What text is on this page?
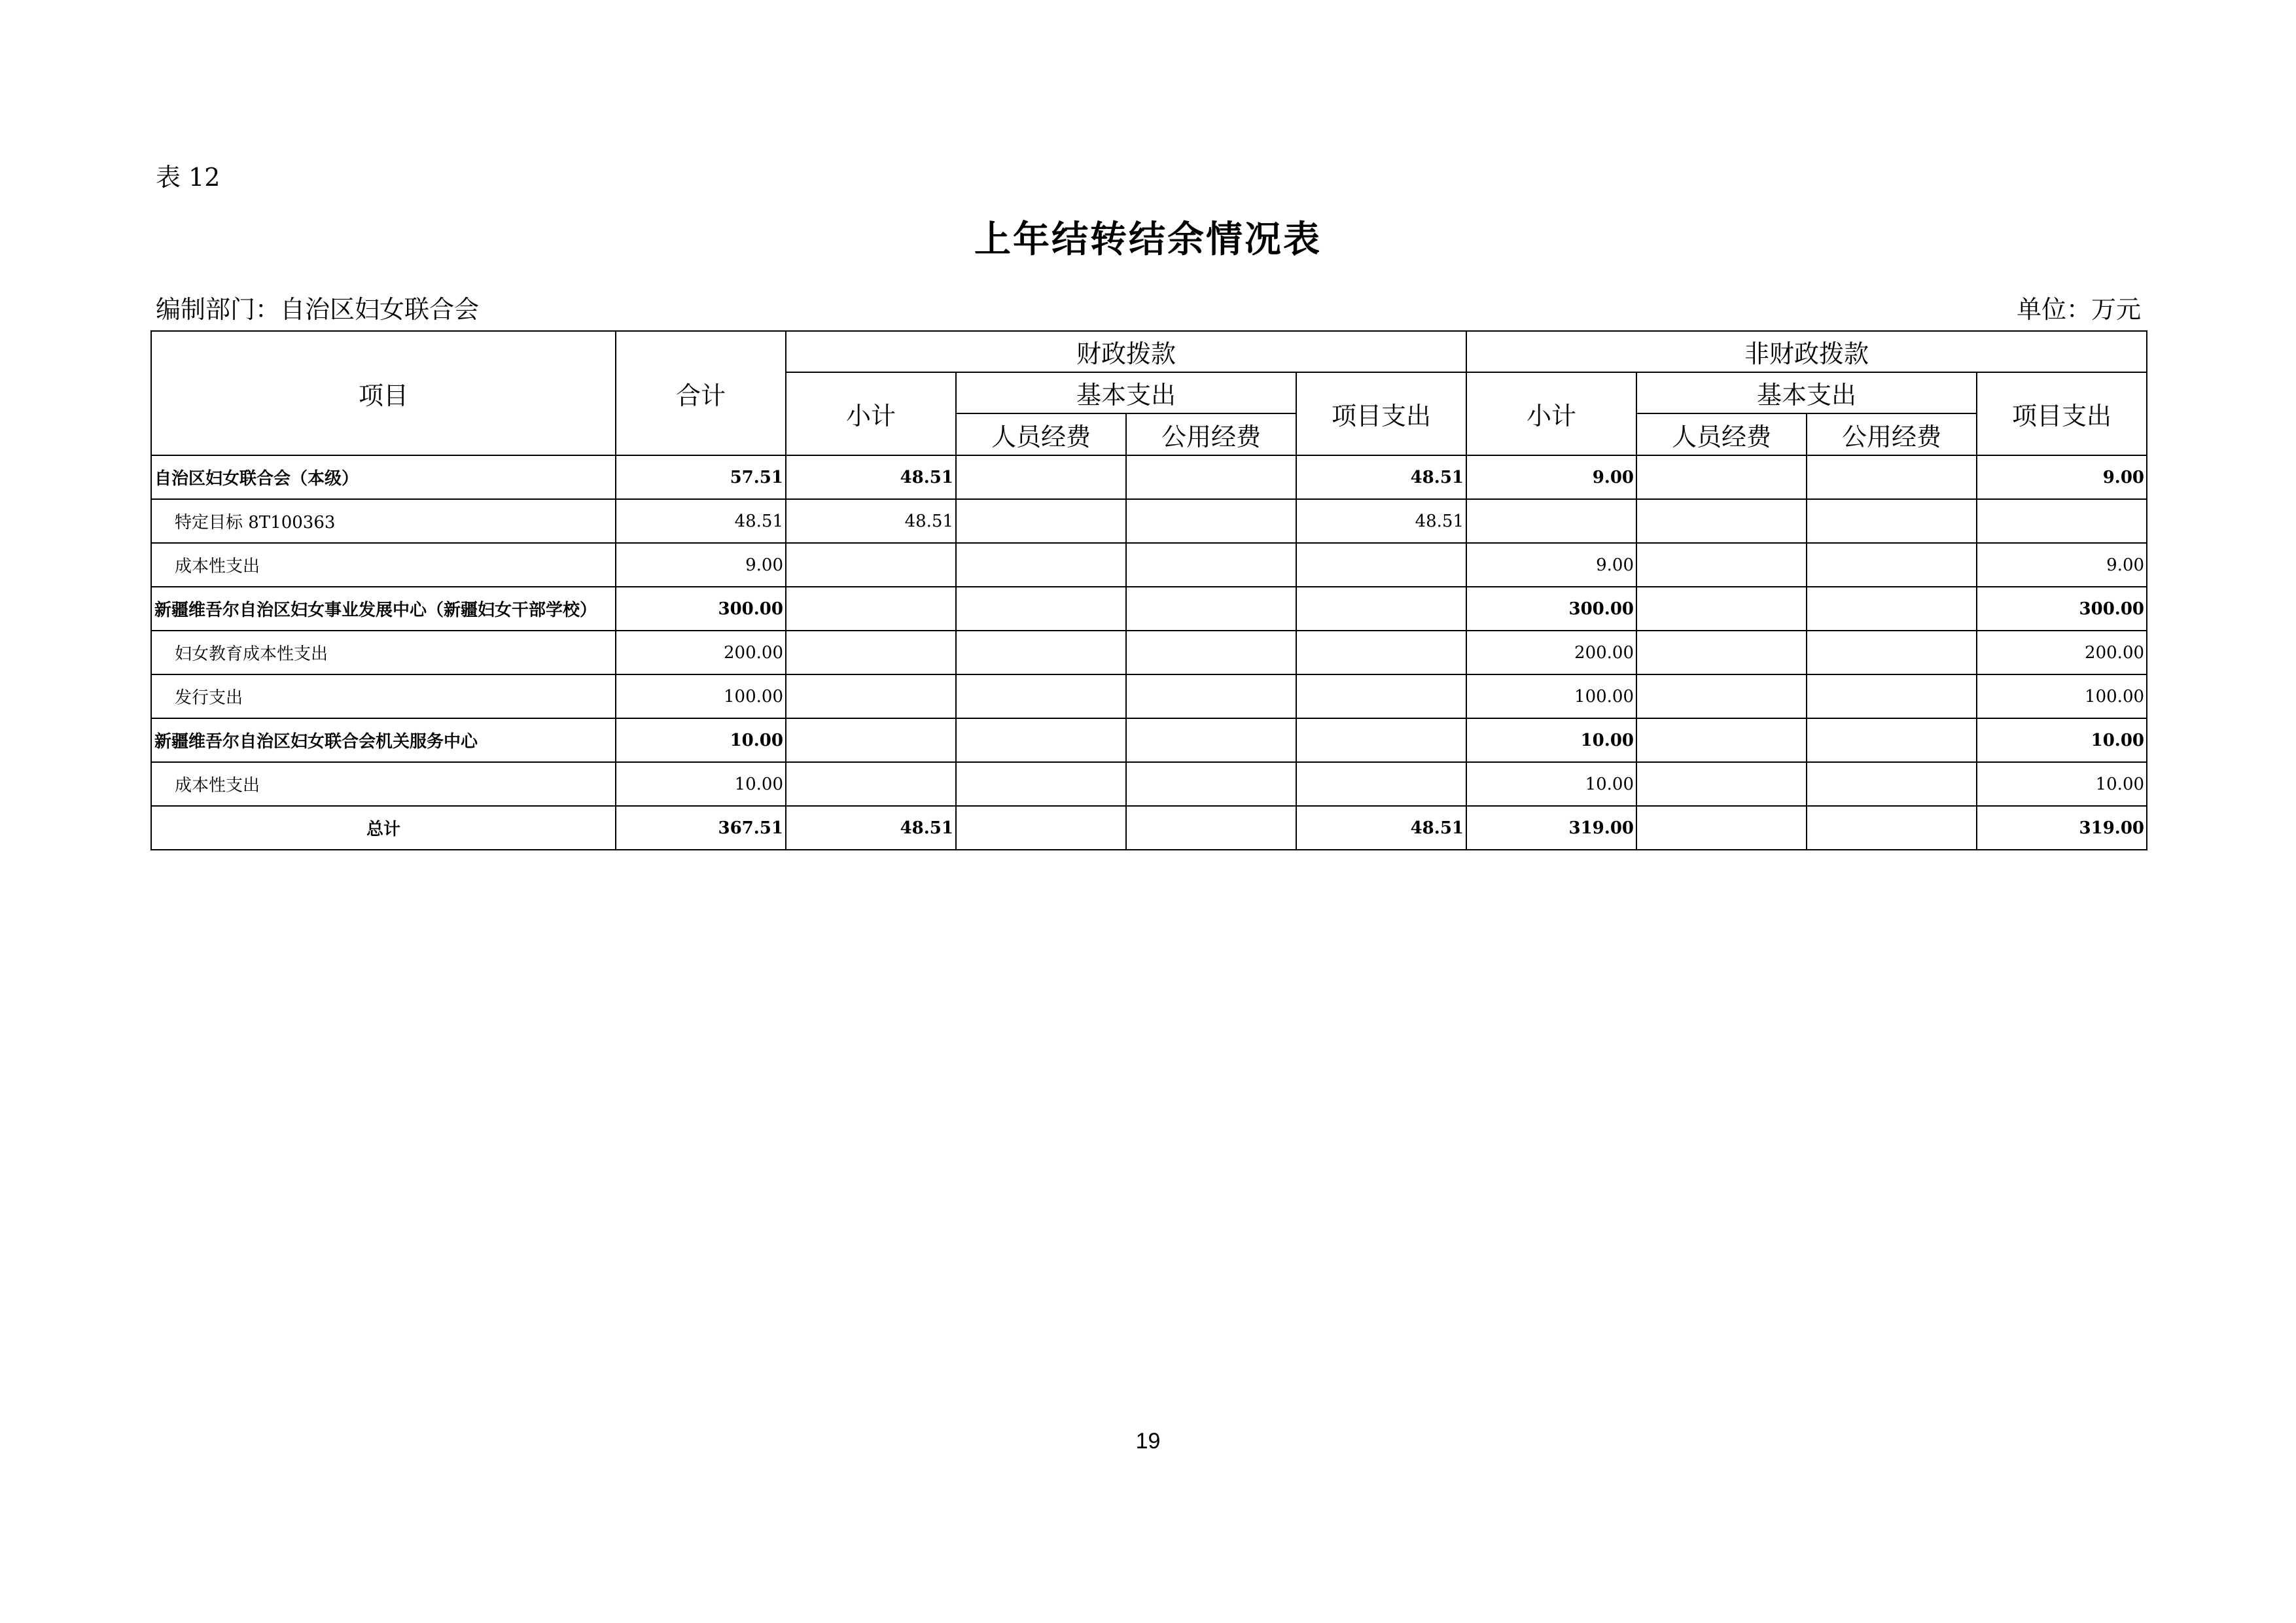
表 12
上年结转结余情况表
编制部门：自治区妇女联合会	单位：万元
项目	合计	财政拨款				非财政拨款			
		小计	基本支出		项目支出	小计	基本支出		项目支出
			人员经费	公用经费			人员经费	公用经费	
自治区妇女联合会（本级）	57.51	48.51			48.51	9.00			9.00
特定目标 8T100363	48.51	48.51			48.51				
成本性支出	9.00					9.00			9.00
新疆维吾尔自治区妇女事业发展中心（新疆妇女干部学校）	300.00					300.00			300.00
妇女教育成本性支出	200.00					200.00			200.00
发行支出	100.00					100.00			100.00
新疆维吾尔自治区妇女联合会机关服务中心	10.00					10.00			10.00
成本性支出	10.00					10.00			10.00
总计	367.51	48.51			48.51	319.00			319.00
19
